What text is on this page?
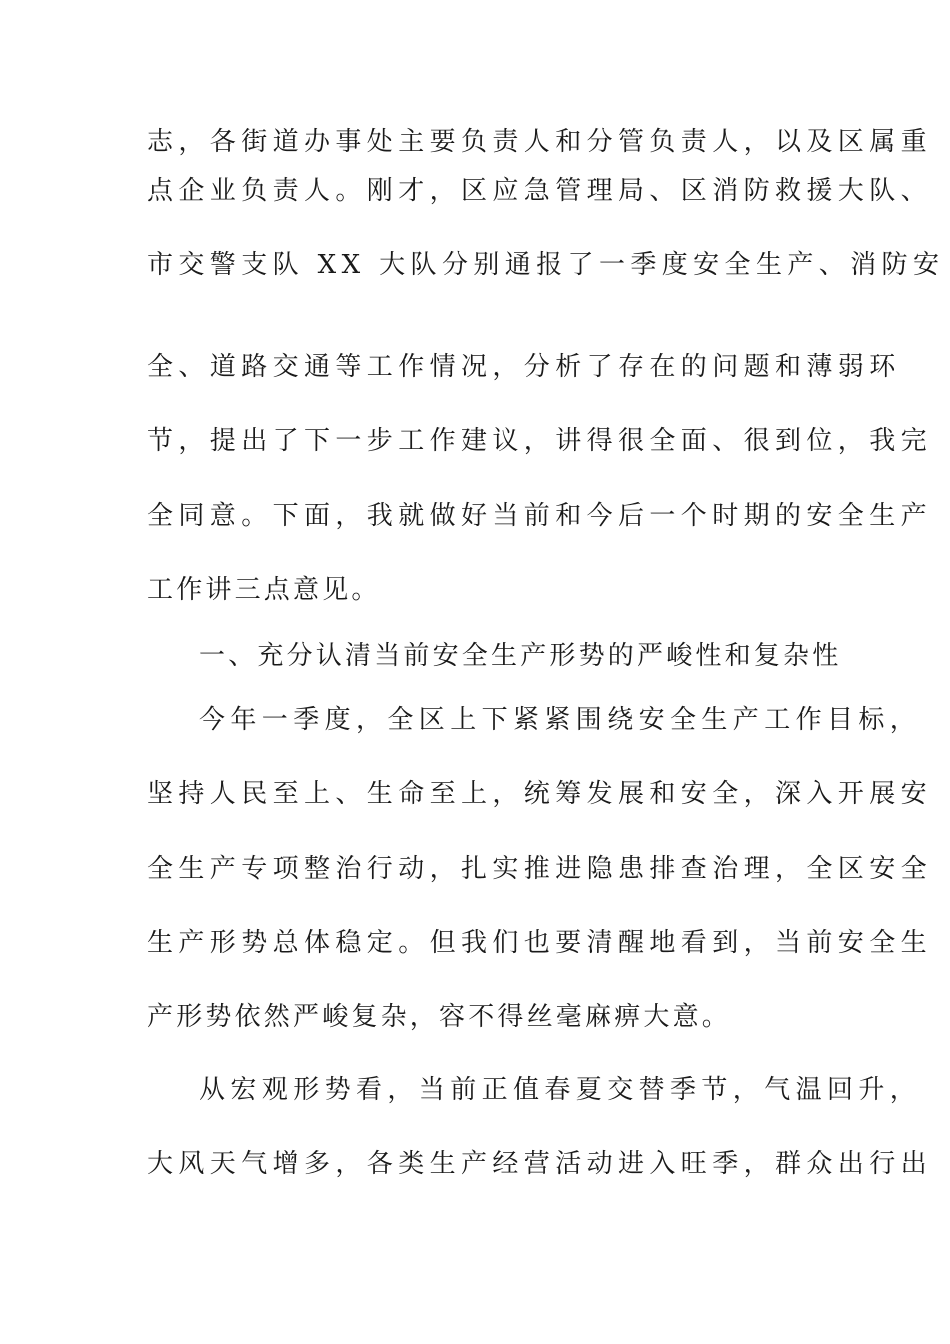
志，各街道办事处主要负责人和分管负责人，以及区属重
点企业负责人。刚才，区应急管理局、区消防救援大队、
市交警支队 XX 大队分别通报了一季度安全生产、消防安
全、道路交通等工作情况，分析了存在的问题和薄弱环
节，提出了下一步工作建议，讲得很全面、很到位，我完
全同意。下面，我就做好当前和今后一个时期的安全生产
工作讲三点意见。
一、充分认清当前安全生产形势的严峻性和复杂性
今年一季度，全区上下紧紧围绕安全生产工作目标，
坚持人民至上、生命至上，统筹发展和安全，深入开展安
全生产专项整治行动，扎实推进隐患排查治理，全区安全
生产形势总体稳定。但我们也要清醒地看到，当前安全生
产形势依然严峻复杂，容不得丝毫麻痹大意。
从宏观形势看，当前正值春夏交替季节，气温回升，
大风天气增多，各类生产经营活动进入旺季，群众出行出
